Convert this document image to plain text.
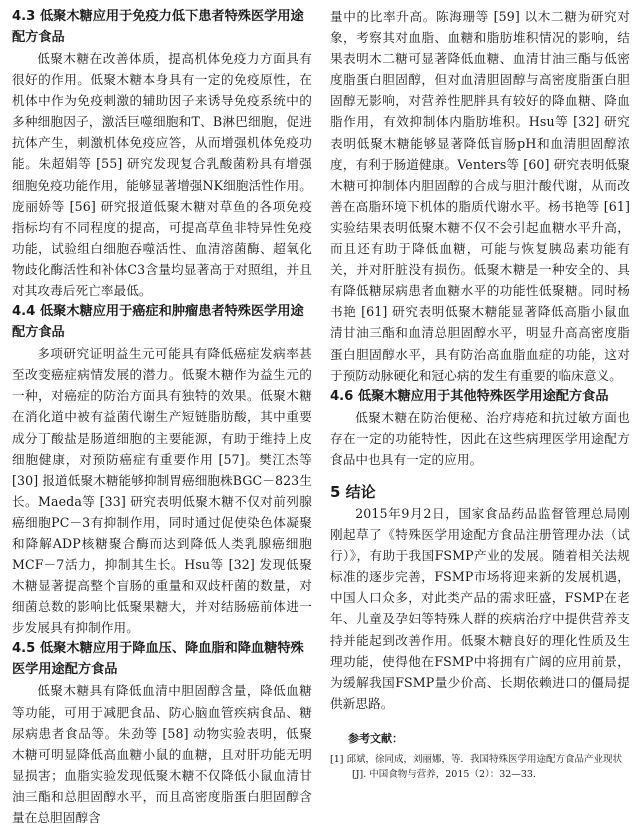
4.3 低聚木糖应用于免疫力低下患者特殊医学用途配方食品

低聚木糖在改善体质，提高机体免疫力方面具有很好的作用。低聚木糖本身具有一定的免疫原性，在机体中作为免疫刺激的辅助因子来诱导免疫系统中的多种细胞因子，激活巨噬细胞和T、B淋巴细胞，促进抗体产生，刺激机体免疫应答，从而增强机体免疫功能。朱超娟等 [55] 研究发现复合乳酸菌粉具有增强细胞免疫功能作用，能够显著增强NK细胞活性作用。庞丽娇等 [56] 研究报道低聚木糖对草鱼的各项免疫指标均有不同程度的提高，可提高草鱼非特异性免疫功能，试验组白细胞吞噬活性、血清溶菌酶、超氧化物歧化酶活性和补体C3含量均显著高于对照组，并且对其攻毒后死亡率最低。

4.4 低聚木糖应用于癌症和肿瘤患者特殊医学用途配方食品

多项研究证明益生元可能具有降低癌症发病率甚至改变癌症病情发展的潜力。低聚木糖作为益生元的一种，对癌症的防治方面具有独特的效果。低聚木糖在消化道中被有益菌代谢生产短链脂肪酸，其中重要成分丁酸盐是肠道细胞的主要能源，有助于维持上皮细胞健康，对预防癌症有重要作用 [57]。樊江杰等 [30] 报道低聚木糖能够抑制胃癌细胞株BGC－823生长。Maeda等 [33] 研究表明低聚木糖不仅对前列腺癌细胞PC－3有抑制作用，同时通过促使染色体凝聚和降解ADP核糖聚合酶而达到降低人类乳腺癌细胞MCF－7活力，抑制其生长。Hsu等 [32] 发现低聚木糖显著提高整个盲肠的重量和双歧杆菌的数量，对细菌总数的影响比低聚果糖大，并对结肠癌前体进一步发展具有抑制作用。

4.5 低聚木糖应用于降血压、降血脂和降血糖特殊医学用途配方食品

低聚木糖具有降低血清中胆固醇含量，降低血糖等功能，可用于减肥食品、防心脑血管疾病食品、糖尿病患者食品等。朱劲等 [58] 动物实验表明，低聚木糖可明显降低高血糖小鼠的血糖，且对肝功能无明显损害；血脂实验发现低聚木糖不仅降低小鼠血清甘油三酯和总胆固醇水平，而且高密度脂蛋白胆固醇含量在总胆固醇含

量中的比率升高。陈海珊等 [59] 以木二糖为研究对象，考察其对血脂、血糖和脂肪堆积情况的影响，结果表明木二糖可显著降低血糖、血清甘油三酯与低密度脂蛋白胆固醇，但对血清胆固醇与高密度脂蛋白胆固醇无影响，对营养性肥胖具有较好的降血糖、降血脂作用，有效抑制体内脂肪堆积。Hsu等 [32] 研究表明低聚木糖能够显著降低盲肠pH和血清胆固醇浓度，有利于肠道健康。Venters等 [60] 研究表明低聚木糖可抑制体内胆固醇的合成与胆汁酸代谢，从而改善在高脂环境下机体的脂质代谢水平。杨书艳等 [61] 实验结果表明低聚木糖不仅不会引起血糖水平升高，而且还有助于降低血糖，可能与恢复胰岛素功能有关，并对肝脏没有损伤。低聚木糖是一种安全的、具有降低糖尿病患者血糖水平的功能性低聚糖。同时杨书艳 [61] 研究表明低聚木糖能显著降低高脂小鼠血清甘油三酯和血清总胆固醇水平，明显升高高密度脂蛋白胆固醇水平，具有防治高血脂血症的功能，这对于预防动脉硬化和冠心病的发生有重要的临床意义。

4.6 低聚木糖应用于其他特殊医学用途配方食品

低聚木糖在防治便秘、治疗痔疮和抗过敏方面也存在一定的功能特性，因此在这些病理医学用途配方食品中也具有一定的应用。

5 结论

2015年9月2日，国家食品药品监督管理总局刚刚起草了《特殊医学用途配方食品注册管理办法（试行）》，有助于我国FSMP产业的发展。随着相关法规标准的逐步完善，FSMP市场将迎来新的发展机遇，中国人口众多，对此类产品的需求旺盛，FSMP在老年、儿童及孕妇等特殊人群的疾病治疗中提供营养支持并能起到改善作用。低聚木糖良好的理化性质及生理功能，使得他在FSMP中将拥有广阔的应用前景，为缓解我国FSMP量少价高、长期依赖进口的僵局提供新思路。

参考文献：

[1] 邱斌，徐同成，刘丽娜，等．我国特殊医学用途配方食品产业现状 [J]. 中国食物与营养，2015（2）：32—33.
